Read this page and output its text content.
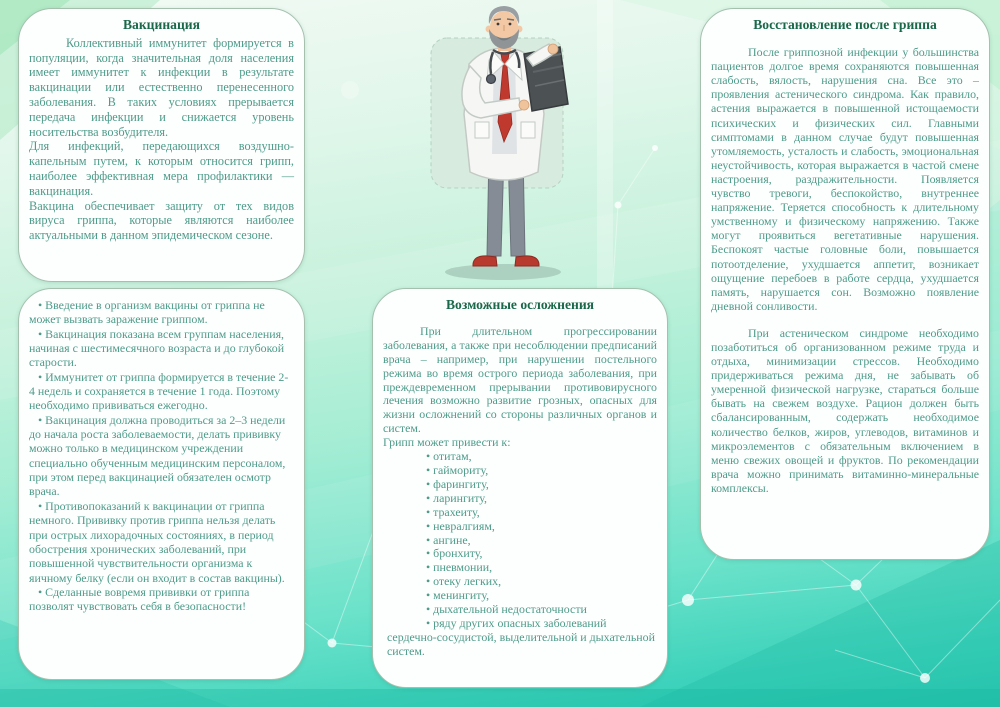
Вакцинация

Коллективный иммунитет формируется в популяции, когда значительная доля населения имеет иммунитет к инфекции в результате вакцинации или естественно перенесенного заболевания. В таких условиях прерывается передача инфекции и снижается уровень носительства возбудителя.

Для инфекций, передающихся воздушно-капельным путем, к которым относится грипп, наиболее эффективная мера профилактики — вакцинация.

Вакцина обеспечивает защиту от тех видов вируса гриппа, которые являются наиболее актуальными в данном эпидемическом сезоне.

• Введение в организм вакцины от гриппа не может вызвать заражение гриппом.
• Вакцинация показана всем группам населения, начиная с шестимесячного возраста и до глубокой старости.
• Иммунитет от гриппа формируется в течение 2-4 недель и сохраняется в течение 1 года. Поэтому необходимо прививаться ежегодно.
• Вакцинация должна проводиться за 2–3 недели до начала роста заболеваемости, делать прививку можно только в медицинском учреждении специально обученным медицинским персоналом, при этом перед вакцинацией обязателен осмотр врача.
• Противопоказаний к вакцинации от гриппа немного. Прививку против гриппа нельзя делать при острых лихорадочных состояниях, в период обострения хронических заболеваний, при повышенной чувствительности организма к яичному белку (если он входит в состав вакцины).
• Сделанные вовремя прививки от гриппа позволят чувствовать себя в безопасности!
Возможные осложнения

При длительном прогрессировании заболевания, а также при несоблюдении предписаний врача – например, при нарушении постельного режима во время острого периода заболевания, при преждевременном прерывании противовирусного лечения возможно развитие грозных, опасных для жизни осложнений со стороны различных органов и систем.

Грипп может привести к:

• отитам,
• гаймориту,
• фарингиту,
• ларингиту,
• трахеиту,
• невралгиям,
• ангине,
• бронхиту,
• пневмонии,
• отеку легких,
• менингиту,
• дыхательной недостаточности
• ряду других опасных заболеваний сердечно-сосудистой, выделительной и дыхательной систем.
Восстановление после гриппа

После гриппозной инфекции у большинства пациентов долгое время сохраняются повышенная слабость, вялость, нарушения сна. Все это – проявления астенического синдрома. Как правило, астения выражается в повышенной истощаемости психических и физических сил. Главными симптомами в данном случае будут повышенная утомляемость, усталость и слабость, эмоциональная неустойчивость, которая выражается в частой смене настроения, раздражительности. Появляется чувство тревоги, беспокойство, внутреннее напряжение. Теряется способность к длительному умственному и физическому напряжению. Также могут проявиться вегетативные нарушения. Беспокоят частые головные боли, повышается потоотделение, ухудшается аппетит, возникает ощущение перебоев в работе сердца, ухудшается память, нарушается сон. Возможно появление дневной сонливости.

При астеническом синдроме необходимо позаботиться об организованном режиме труда и отдыха, минимизации стрессов. Необходимо придерживаться режима дня, не забывать об умеренной физической нагрузке, стараться больше бывать на свежем воздухе. Рацион должен быть сбалансированным, содержать необходимое количество белков, жиров, углеводов, витаминов и микроэлементов с обязательным включением в меню свежих овощей и фруктов. По рекомендации врача можно принимать витаминно-минеральные комплексы.
